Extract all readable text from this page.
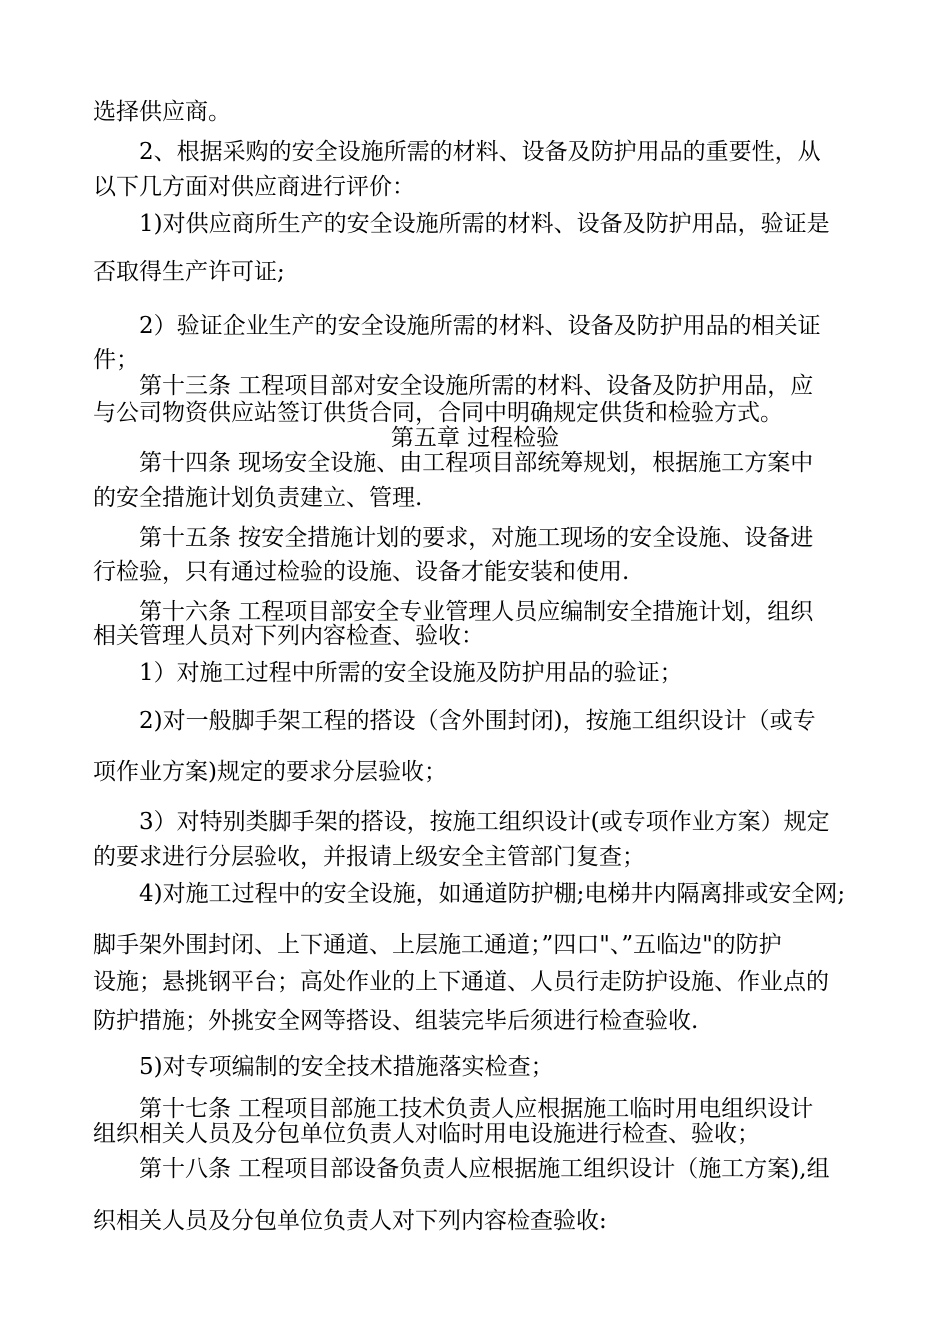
选择供应商。
2、根据采购的安全设施所需的材料、设备及防护用品的重要性，从
以下几方面对供应商进行评价：
1)对供应商所生产的安全设施所需的材料、设备及防护用品，验证是
否取得生产许可证;
2）验证企业生产的安全设施所需的材料、设备及防护用品的相关证
件；
第十三条 工程项目部对安全设施所需的材料、设备及防护用品，应
与公司物资供应站签订供货合同，合同中明确规定供货和检验方式。
第五章 过程检验
第十四条 现场安全设施、由工程项目部统筹规划，根据施工方案中
的安全措施计划负责建立、管理.
第十五条 按安全措施计划的要求，对施工现场的安全设施、设备进
行检验，只有通过检验的设施、设备才能安装和使用.
第十六条 工程项目部安全专业管理人员应编制安全措施计划，组织
相关管理人员对下列内容检查、验收：
1）对施工过程中所需的安全设施及防护用品的验证；
2)对一般脚手架工程的搭设（含外围封闭)，按施工组织设计（或专
项作业方案)规定的要求分层验收；
3）对特别类脚手架的搭设，按施工组织设计(或专项作业方案）规定
的要求进行分层验收，并报请上级安全主管部门复查；
4)对施工过程中的安全设施，如通道防护棚;电梯井内隔离排或安全网;
脚手架外围封闭、上下通道、上层施工通道；”四口"、”五临边"的防护
设施；悬挑钢平台；高处作业的上下通道、人员行走防护设施、作业点的
防护措施；外挑安全网等搭设、组装完毕后须进行检查验收.
5)对专项编制的安全技术措施落实检查；
第十七条 工程项目部施工技术负责人应根据施工临时用电组织设计
组织相关人员及分包单位负责人对临时用电设施进行检查、验收；
第十八条 工程项目部设备负责人应根据施工组织设计（施工方案),组
织相关人员及分包单位负责人对下列内容检查验收:
